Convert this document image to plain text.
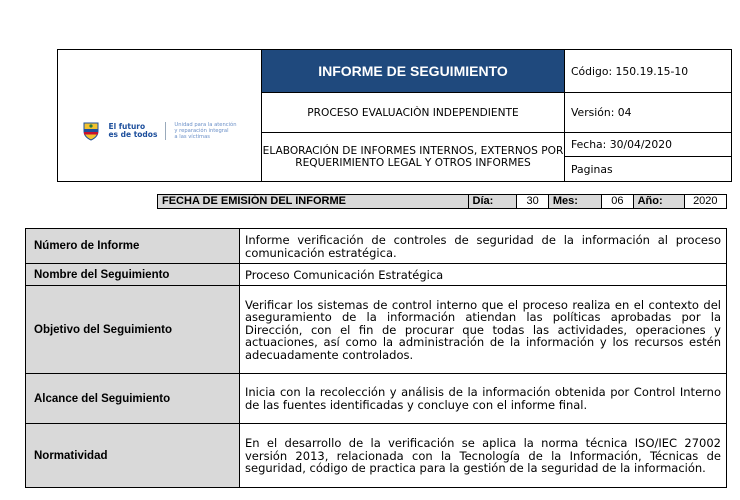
El futuro
es de todos
Unidad para la atención
y reparación integral
a las víctimas	INFORME DE SEGUIMIENTO	Código: 150.19.15-10
	PROCESO EVALUACIÒN INDEPENDIENTE	Versión: 04
	ELABORACIÓN DE INFORMES INTERNOS, EXTERNOS POR REQUERIMIENTO LEGAL Y OTROS INFORMES	Fecha: 30/04/2020
		Paginas
FECHA DE EMISIÓN DEL INFORME	Día:	30	Mes:	06	Año:	2020
Número de Informe	Informe verificación de controles de seguridad de la información al proceso comunicación estratégica.
Nombre del Seguimiento	Proceso Comunicación Estratégica
Objetivo del Seguimiento	Verificar los sistemas de control interno que el proceso realiza en el contexto del aseguramiento de la información atiendan las políticas aprobadas por la Dirección, con el fin de procurar que todas las actividades, operaciones y actuaciones, así como la administración de la información y los recursos estén adecuadamente controlados.
Alcance del Seguimiento	Inicia con la recolección y análisis de la información obtenida por Control Interno de las fuentes identificadas y concluye con el informe final.
Normatividad	En el desarrollo de la verificación se aplica la norma técnica ISO/IEC 27002 versión 2013, relacionada con la Tecnología de la Información, Técnicas de seguridad, código de practica para la gestión de la seguridad de la información.
